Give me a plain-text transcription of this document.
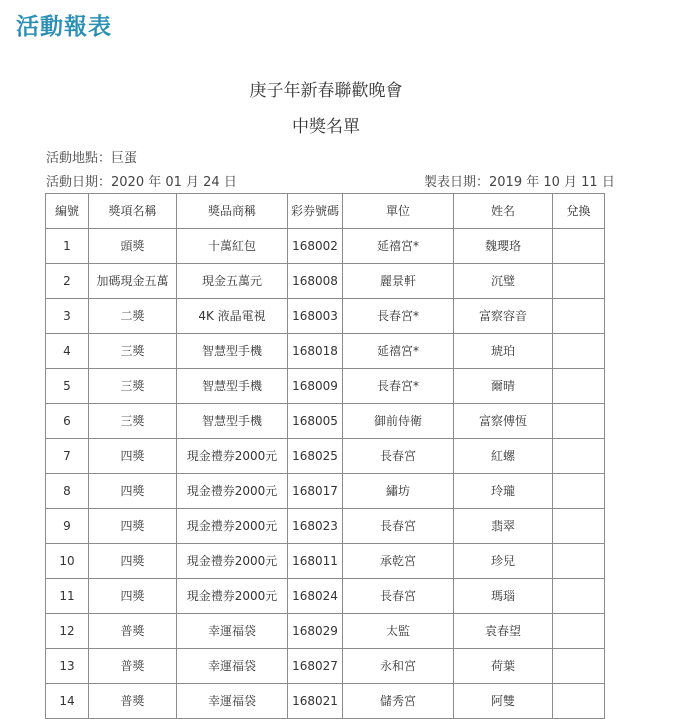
活動報表
庚子年新春聯歡晚會
中獎名單
活動地點：巨蛋
活動日期：2020 年 01 月 24 日	製表日期：2019 年 10 月 11 日
編號	獎項名稱	獎品商稱	彩券號碼	單位	姓名	兌換
1	頭獎	十萬紅包	168002	延禧宮*	魏瓔珞	
2	加碼現金五萬	現金五萬元	168008	麗景軒	沉璧	
3	二獎	4K 液晶電視	168003	長春宮*	富察容音	
4	三獎	智慧型手機	168018	延禧宮*	琥珀	
5	三獎	智慧型手機	168009	長春宮*	爾晴	
6	三獎	智慧型手機	168005	御前侍衛	富察傅恆	
7	四獎	現金禮券2000元	168025	長春宮	紅螺	
8	四獎	現金禮券2000元	168017	繡坊	玲瓏	
9	四獎	現金禮券2000元	168023	長春宮	翡翠	
10	四獎	現金禮券2000元	168011	承乾宮	珍兒	
11	四獎	現金禮券2000元	168024	長春宮	瑪瑙	
12	普獎	幸運福袋	168029	太監	袁春望	
13	普獎	幸運福袋	168027	永和宮	荷葉	
14	普獎	幸運福袋	168021	儲秀宮	阿雙	
